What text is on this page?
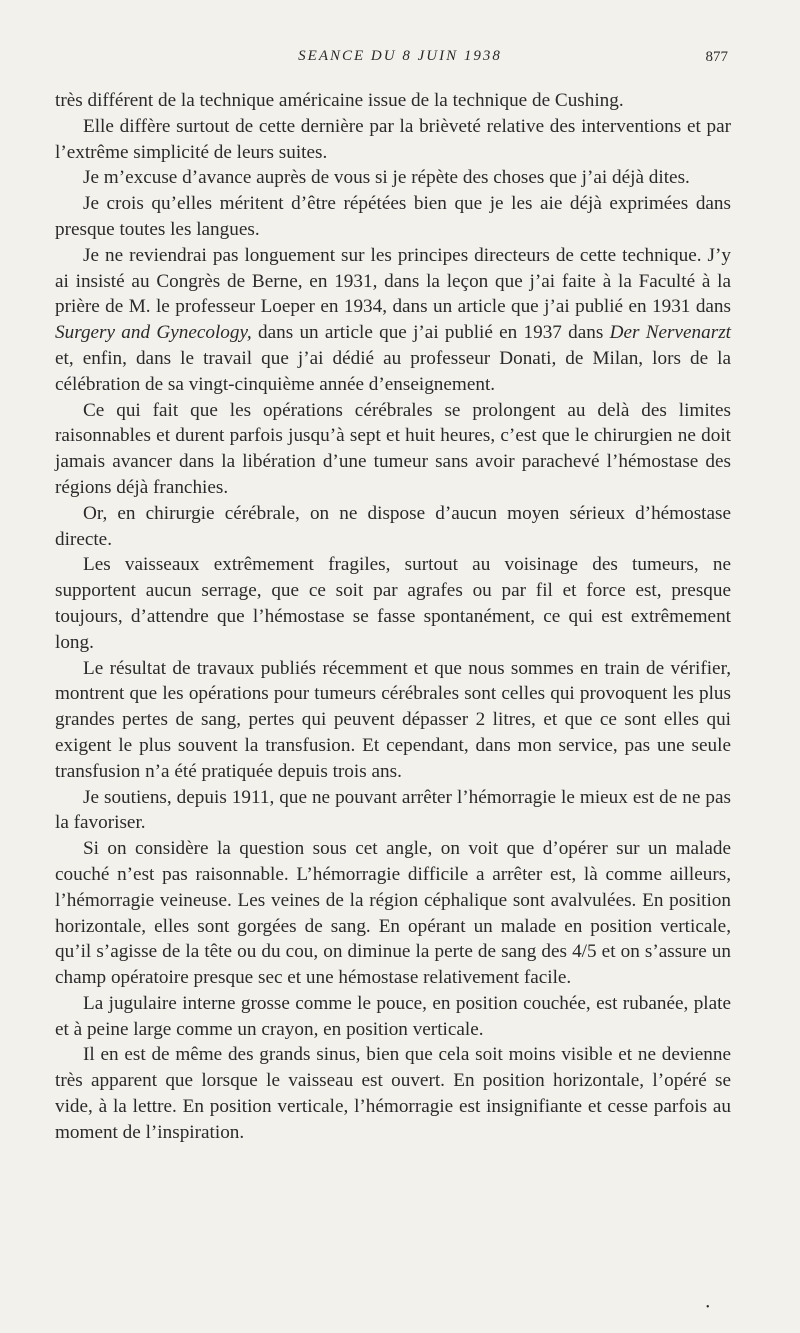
SEANCE DU 8 JUIN 1938	877

très différent de la technique américaine issue de la technique de Cushing.

Elle diffère surtout de cette dernière par la brièveté relative des interventions et par l’extrême simplicité de leurs suites.

Je m’excuse d’avance auprès de vous si je répète des choses que j’ai déjà dites.

Je crois qu’elles méritent d’être répétées bien que je les aie déjà exprimées dans presque toutes les langues.

Je ne reviendrai pas longuement sur les principes directeurs de cette technique. J’y ai insisté au Congrès de Berne, en 1931, dans la leçon que j’ai faite à la Faculté à la prière de M. le professeur Loeper en 1934, dans un article que j’ai publié en 1931 dans Surgery and Gynecology, dans un article que j’ai publié en 1937 dans Der Nervenarzt et, enfin, dans le travail que j’ai dédié au professeur Donati, de Milan, lors de la célébration de sa vingt-cinquième année d’enseignement.

Ce qui fait que les opérations cérébrales se prolongent au delà des limites raisonnables et durent parfois jusqu’à sept et huit heures, c’est que le chirurgien ne doit jamais avancer dans la libération d’une tumeur sans avoir parachevé l’hémostase des régions déjà franchies.

Or, en chirurgie cérébrale, on ne dispose d’aucun moyen sérieux d’hémostase directe.

Les vaisseaux extrêmement fragiles, surtout au voisinage des tumeurs, ne supportent aucun serrage, que ce soit par agrafes ou par fil et force est, presque toujours, d’attendre que l’hémostase se fasse spontanément, ce qui est extrêmement long.

Le résultat de travaux publiés récemment et que nous sommes en train de vérifier, montrent que les opérations pour tumeurs cérébrales sont celles qui provoquent les plus grandes pertes de sang, pertes qui peuvent dépasser 2 litres, et que ce sont elles qui exigent le plus souvent la transfusion. Et cependant, dans mon service, pas une seule transfusion n’a été pratiquée depuis trois ans.

Je soutiens, depuis 1911, que ne pouvant arrêter l’hémorragie le mieux est de ne pas la favoriser.

Si on considère la question sous cet angle, on voit que d’opérer sur un malade couché n’est pas raisonnable. L’hémorragie difficile a arrêter est, là comme ailleurs, l’hémorragie veineuse. Les veines de la région céphalique sont avalvulées. En position horizontale, elles sont gorgées de sang. En opérant un malade en position verticale, qu’il s’agisse de la tête ou du cou, on diminue la perte de sang des 4/5 et on s’assure un champ opératoire presque sec et une hémostase relativement facile.

La jugulaire interne grosse comme le pouce, en position couchée, est rubanée, plate et à peine large comme un crayon, en position verticale.

Il en est de même des grands sinus, bien que cela soit moins visible et ne devienne très apparent que lorsque le vaisseau est ouvert. En position horizontale, l’opéré se vide, à la lettre. En position verticale, l’hémorragie est insignifiante et cesse parfois au moment de l’inspiration.

•
